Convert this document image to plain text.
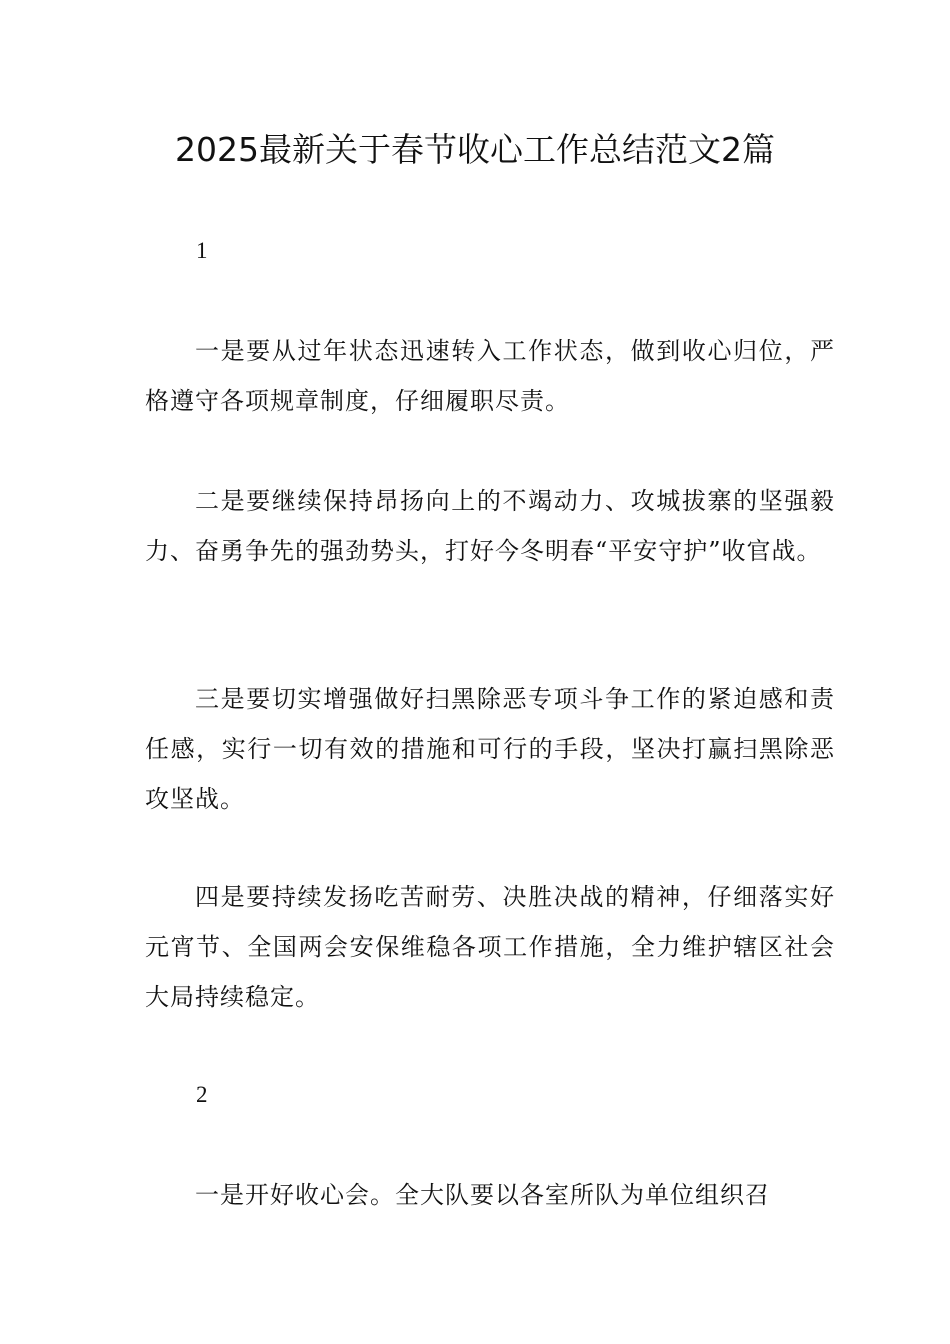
2025最新关于春节收心工作总结范文2篇
1

一是要从过年状态迅速转入工作状态，做到收心归位，严格遵守各项规章制度，仔细履职尽责。

二是要继续保持昂扬向上的不竭动力、攻城拔寨的坚强毅力、奋勇争先的强劲势头，打好今冬明春“平安守护”收官战。

三是要切实增强做好扫黑除恶专项斗争工作的紧迫感和责任感，实行一切有效的措施和可行的手段，坚决打赢扫黑除恶攻坚战。

四是要持续发扬吃苦耐劳、决胜决战的精神，仔细落实好元宵节、全国两会安保维稳各项工作措施，全力维护辖区社会大局持续稳定。

2

一是开好收心会。全大队要以各室所队为单位组织召
